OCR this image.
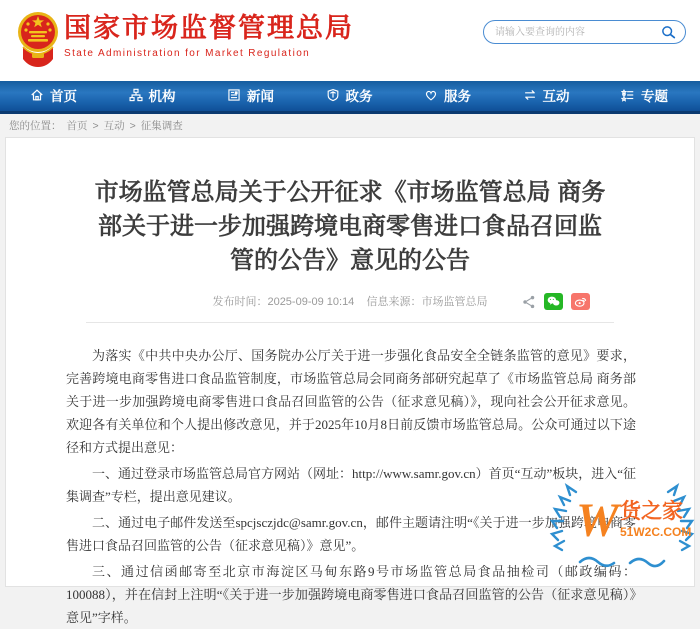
国家市场监督管理总局
State Administration for Market Regulation
请输入要查询的内容
首页	机构	新闻	政务	服务	互动	专题
您的位置： 首页 > 互动 > 征集调查
市场监管总局关于公开征求《市场监管总局 商务部关于进一步加强跨境电商零售进口食品召回监管的公告》意见的公告
发布时间：2025-09-09 10:14 信息来源：市场监管总局

为落实《中共中央办公厅、国务院办公厅关于进一步强化食品安全全链条监管的意见》要求，完善跨境电商零售进口食品监管制度，市场监管总局会同商务部研究起草了《市场监管总局 商务部关于进一步加强跨境电商零售进口食品召回监管的公告（征求意见稿）》，现向社会公开征求意见。欢迎各有关单位和个人提出修改意见，并于2025年10月8日前反馈市场监管总局。公众可通过以下途径和方式提出意见：

一、通过登录市场监管总局官方网站（网址：http://www.samr.gov.cn）首页“互动”板块，进入“征集调查”专栏，提出意见建议。

二、通过电子邮件发送至spcjsczjdc@samr.gov.cn，邮件主题请注明“《关于进一步加强跨境电商零售进口食品召回监管的公告（征求意见稿）》意见”。

三、通过信函邮寄至北京市海淀区马甸东路9号市场监管总局食品抽检司（邮政编码：100088），并在信封上注明“《关于进一步加强跨境电商零售进口食品召回监管的公告（征求意见稿）》意见”字样。

W 货之家
51W2C.COM
